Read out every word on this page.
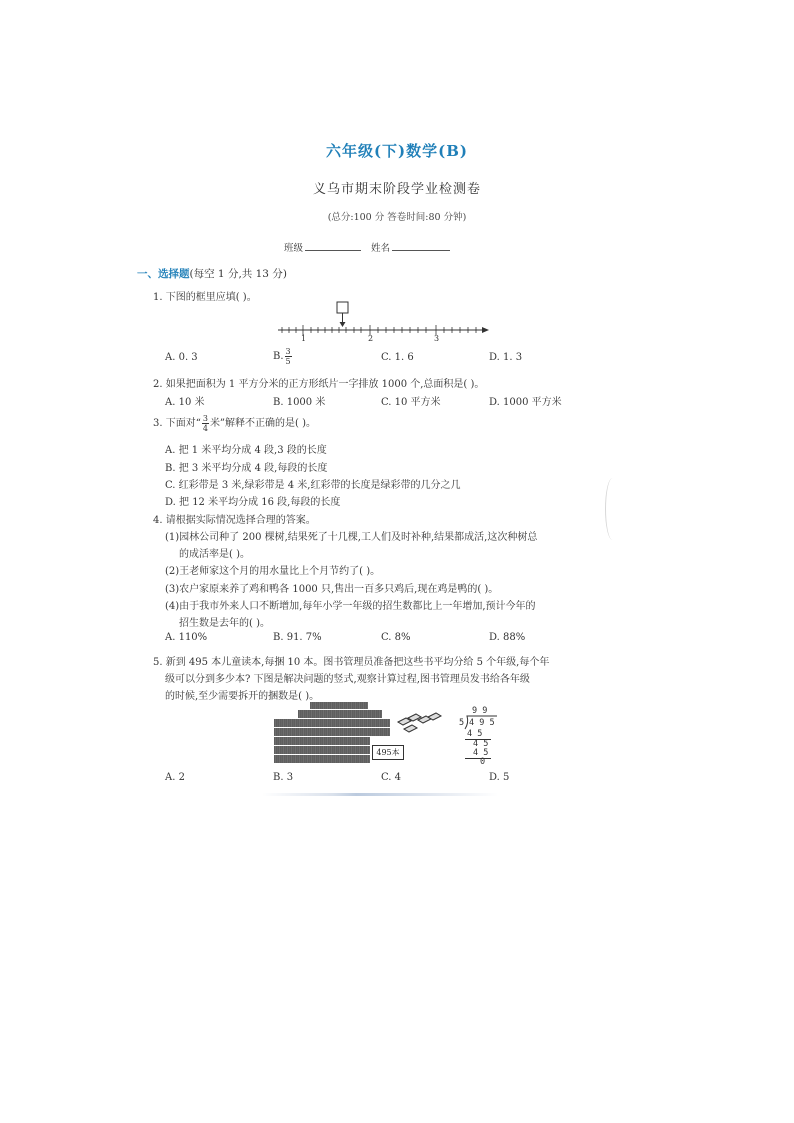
六年级(下)数学(B)
义乌市期末阶段学业检测卷
(总分:100 分 答卷时间:80 分钟)
班级	姓名
一、选择题(每空 1 分,共 13 分)
1. 下图的框里应填( )。
1	2	3
A. 0. 3	B. $\frac{3}{5}$	C. 1. 6	D. 1. 3
2. 如果把面积为 1 平方分米的正方形纸片一字排放 1000 个,总面积是( )。
A. 10 米	B. 1000 米	C. 10 平方米	D. 1000 平方米
3. 下面对“ $\frac{3}{4}$ 米”解释不正确的是( )。
A. 把 1 米平均分成 4 段,3 段的长度
B. 把 3 米平均分成 4 段,每段的长度
C. 红彩带是 3 米,绿彩带是 4 米,红彩带的长度是绿彩带的几分之几
D. 把 12 米平均分成 16 段,每段的长度
4. 请根据实际情况选择合理的答案。
(1)园林公司种了 200 棵树,结果死了十几棵,工人们及时补种,结果都成活,这次种树总
的成活率是( )。
(2)王老师家这个月的用水量比上个月节约了( )。
(3)农户家原来养了鸡和鸭各 1000 只,售出一百多只鸡后,现在鸡是鸭的( )。
(4)由于我市外来人口不断增加,每年小学一年级的招生数都比上一年增加,预计今年的
招生数是去年的( )。
A. 110%	B. 91. 7%	C. 8%	D. 88%
5. 新到 495 本儿童读本,每捆 10 本。图书管理员准备把这些书平均分给 5 个年级,每个年
级可以分到多少本? 下图是解决问题的竖式,观察计算过程,图书管理员发书给各年级
的时候,至少需要拆开的捆数是( )。
495本
9 9
5 4 9 5
4 5
4 5
4 5
0
A. 2	B. 3	C. 4	D. 5
